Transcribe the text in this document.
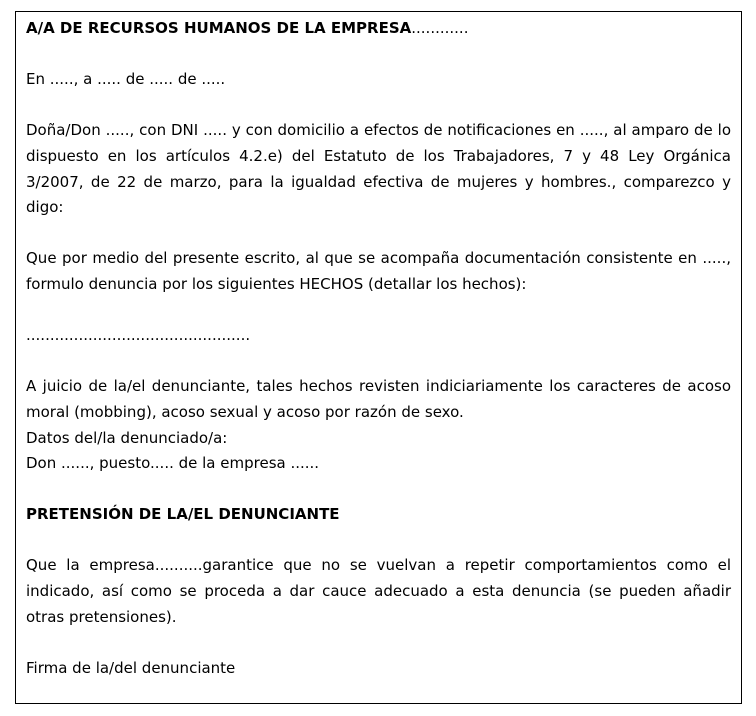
A/A DE RECURSOS HUMANOS DE LA EMPRESA............

En ....., a ..... de ..... de .....

Doña/Don ....., con DNI ..... y con domicilio a efectos de notificaciones en ....., al amparo de lo dispuesto en los artículos 4.2.e) del Estatuto de los Trabajadores, 7 y 48 Ley Orgánica 3/2007, de 22 de marzo, para la igualdad efectiva de mujeres y hombres., comparezco y digo:

Que por medio del presente escrito, al que se acompaña documentación consistente en ....., formulo denuncia por los siguientes HECHOS (detallar los hechos):

...............................................

A juicio de la/el denunciante, tales hechos revisten indiciariamente los caracteres de acoso moral (mobbing), acoso sexual y acoso por razón de sexo.

Datos del/la denunciado/a:

Don ......, puesto..... de la empresa ......

PRETENSIÓN DE LA/EL DENUNCIANTE

Que la empresa..........garantice que no se vuelvan a repetir comportamientos como el indicado, así como se proceda a dar cauce adecuado a esta denuncia (se pueden añadir otras pretensiones).

Firma de la/del denunciante
